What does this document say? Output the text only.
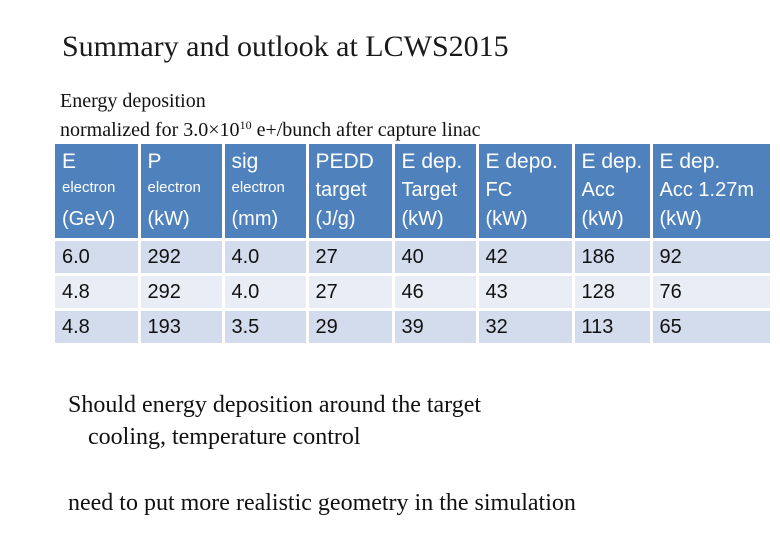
Summary and outlook at LCWS2015
Energy deposition
normalized for $3.0\times 10^{10}$ e+/bunch after capture linac
E
electron
(GeV)	P
electron
(kW)	sig
electron
(mm)	PEDD
target
(J/g)	E dep.
Target
(kW)	E depo.
FC
(kW)	E dep.
Acc
(kW)	E dep.
Acc 1.27m
(kW)

6.0	292	4.0	27	40	42	186	92
4.8	292	4.0	27	46	43	128	76
4.8	193	3.5	29	39	32	113	65
Should energy deposition around the target
cooling, temperature control
need to put more realistic geometry in the simulation
